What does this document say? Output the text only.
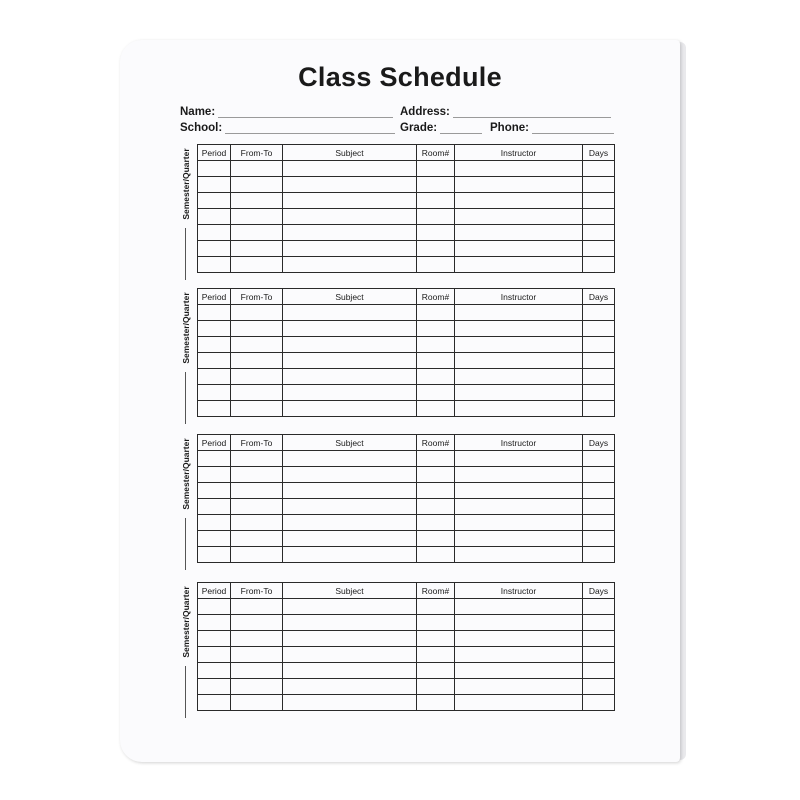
Class Schedule
Name:	Address:
School:	Grade:	Phone:
Semester/Quarter Period	From-To	Subject	Room#	Instructor	Days

Semester/Quarter Period	From-To	Subject	Room#	Instructor	Days

Semester/Quarter Period	From-To	Subject	Room#	Instructor	Days

Semester/Quarter Period	From-To	Subject	Room#	Instructor	Days
